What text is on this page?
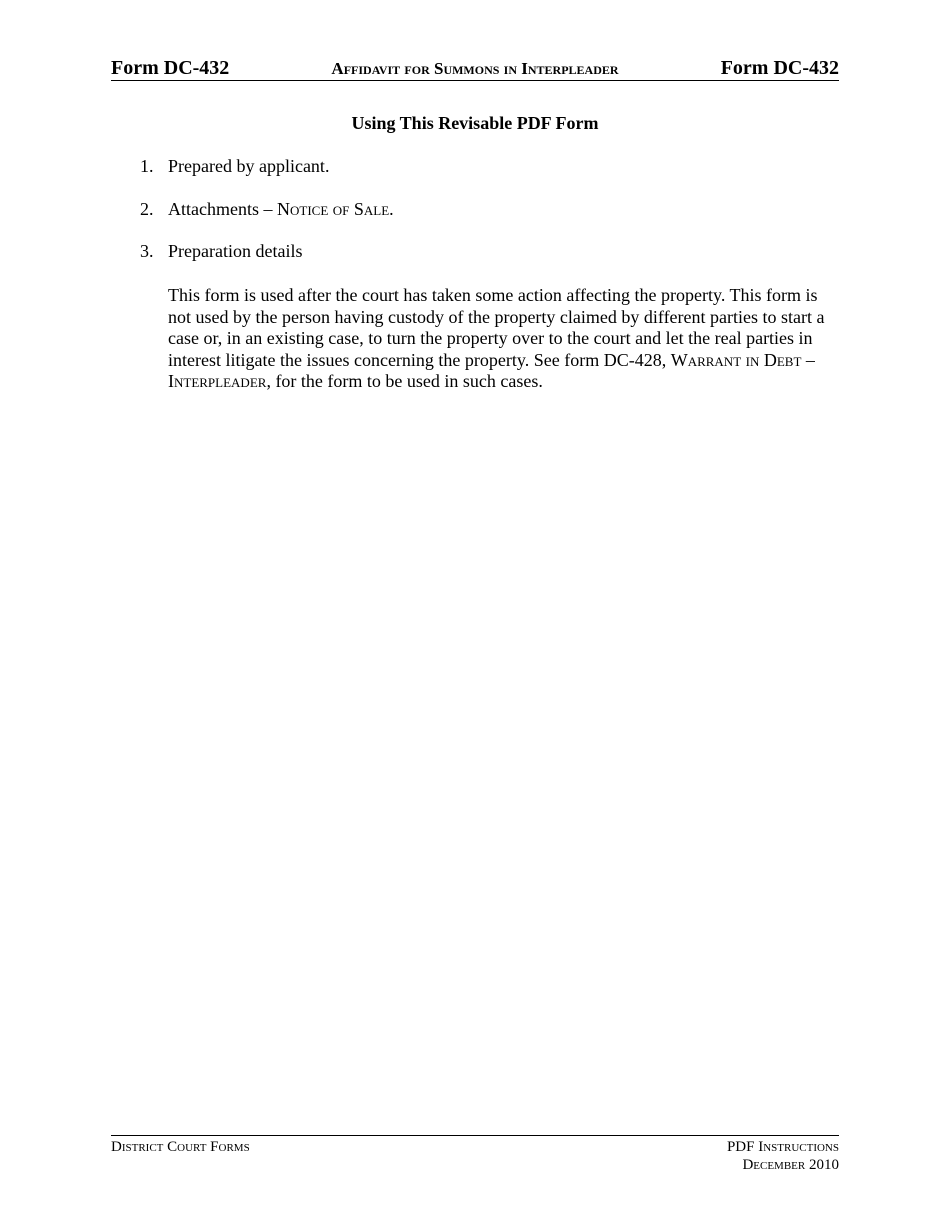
Form DC-432	Affidavit for Summons in Interpleader	Form DC-432
Using This Revisable PDF Form
1. Prepared by applicant.
2. Attachments – Notice of Sale.
3. Preparation details

This form is used after the court has taken some action affecting the property. This form is not used by the person having custody of the property claimed by different parties to start a case or, in an existing case, to turn the property over to the court and let the real parties in interest litigate the issues concerning the property. See form DC-428, Warrant in Debt – Interpleader, for the form to be used in such cases.

District Court Forms	PDF Instructions
December 2010
